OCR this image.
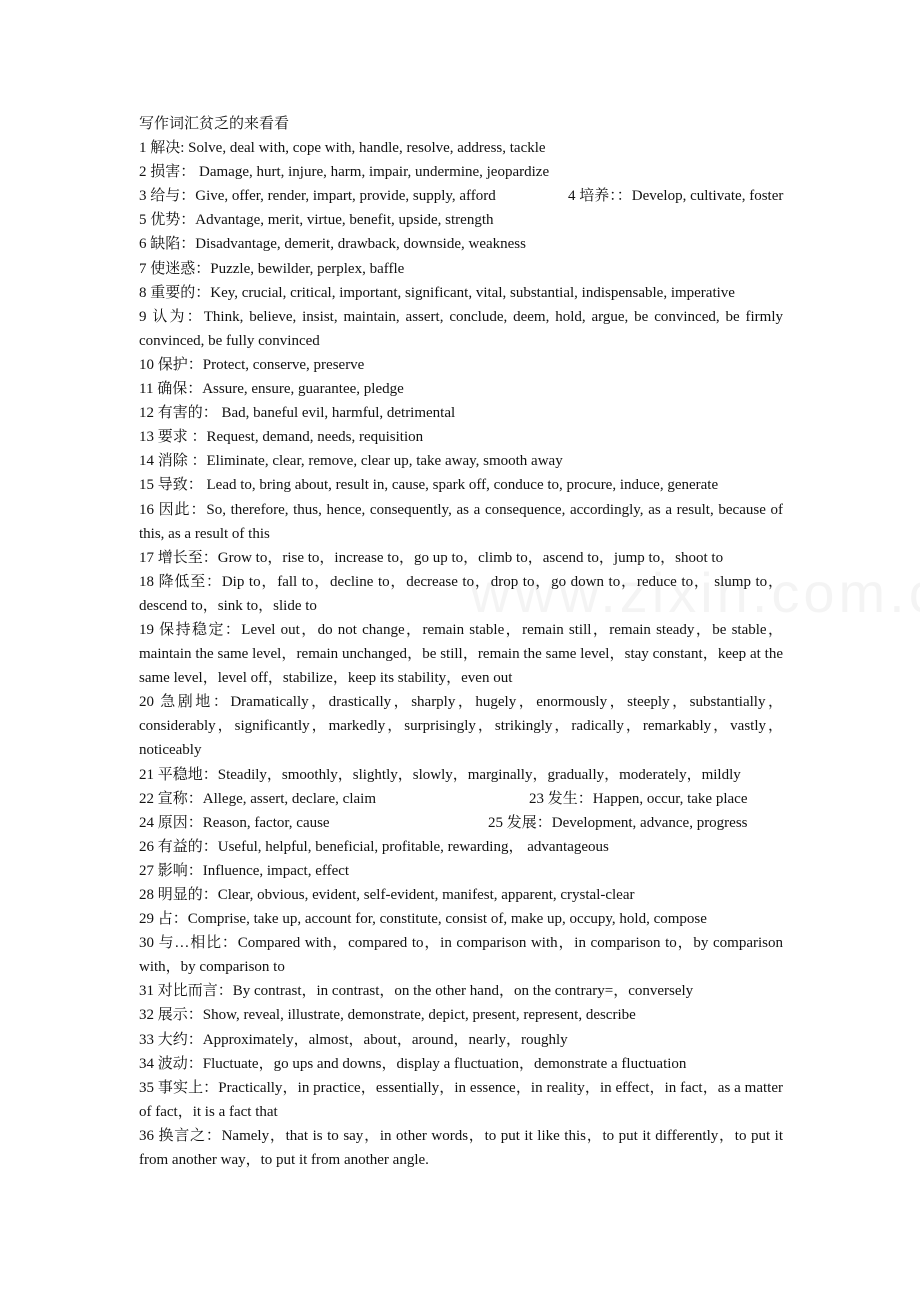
写作词汇贫乏的来看看
1 解决: Solve, deal with, cope with, handle, resolve, address, tackle
2 损害： Damage, hurt, injure, harm, impair, undermine, jeopardize
3 给与：Give, offer, render, impart, provide, supply, afford	4 培养：：Develop, cultivate, foster
5 优势：Advantage, merit, virtue, benefit, upside, strength
6 缺陷：Disadvantage, demerit, drawback, downside, weakness
7 使迷惑：Puzzle, bewilder, perplex, baffle
8 重要的：Key, crucial, critical, important, significant, vital, substantial, indispensable, imperative
9 认为：Think, believe, insist, maintain, assert, conclude, deem, hold, argue, be convinced, be firmly convinced, be fully convinced
10 保护：Protect, conserve, preserve
11 确保：Assure, ensure, guarantee, pledge
12 有害的： Bad, baneful evil, harmful, detrimental
13 要求 ：Request, demand, needs, requisition
14 消除 ：Eliminate, clear, remove, clear up, take away, smooth away
15 导致： Lead to, bring about, result in, cause, spark off, conduce to, procure, induce, generate
16 因此：So, therefore, thus, hence, consequently, as a consequence, accordingly, as a result, because of this, as a result of this
17 增长至：Grow to，rise to，increase to，go up to，climb to，ascend to，jump to，shoot to
18 降低至：Dip to，fall to，decline to，decrease to，drop to，go down to，reduce to， slump to，descend to，sink to，slide to
19 保持稳定：Level out，do not change，remain stable，remain still，remain steady，be stable，maintain the same level，remain unchanged，be still，remain the same level，stay constant，keep at the same level，level off，stabilize，keep its stability，even out
20 急剧地：Dramatically，drastically，sharply，hugely，enormously，steeply，substantially，considerably，significantly，markedly，surprisingly，strikingly，radically，remarkably，vastly，noticeably
21 平稳地：Steadily，smoothly，slightly，slowly，marginally，gradually，moderately，mildly
22 宣称：Allege, assert, declare, claim	23 发生：Happen, occur, take place
24 原因：Reason, factor, cause	25 发展：Development, advance, progress
26 有益的：Useful, helpful, beneficial, profitable, rewarding， advantageous
27 影响：Influence, impact, effect
28 明显的：Clear, obvious, evident, self-evident, manifest, apparent, crystal-clear
29 占：Comprise, take up, account for, constitute, consist of, make up, occupy, hold, compose
30 与…相比：Compared with，compared to，in comparison with，in comparison to，by comparison with，by comparison to
31 对比而言：By contrast，in contrast，on the other hand，on the contrary=，conversely
32 展示：Show, reveal, illustrate, demonstrate, depict, present, represent, describe
33 大约：Approximately，almost，about，around，nearly，roughly
34 波动：Fluctuate，go ups and downs，display a fluctuation，demonstrate a fluctuation
35 事实上：Practically，in practice，essentially，in essence，in reality，in effect，in fact，as a matter of fact，it is a fact that
36 换言之：Namely，that is to say，in other words，to put it like this，to put it differently，to put it from another way，to put it from another angle.
